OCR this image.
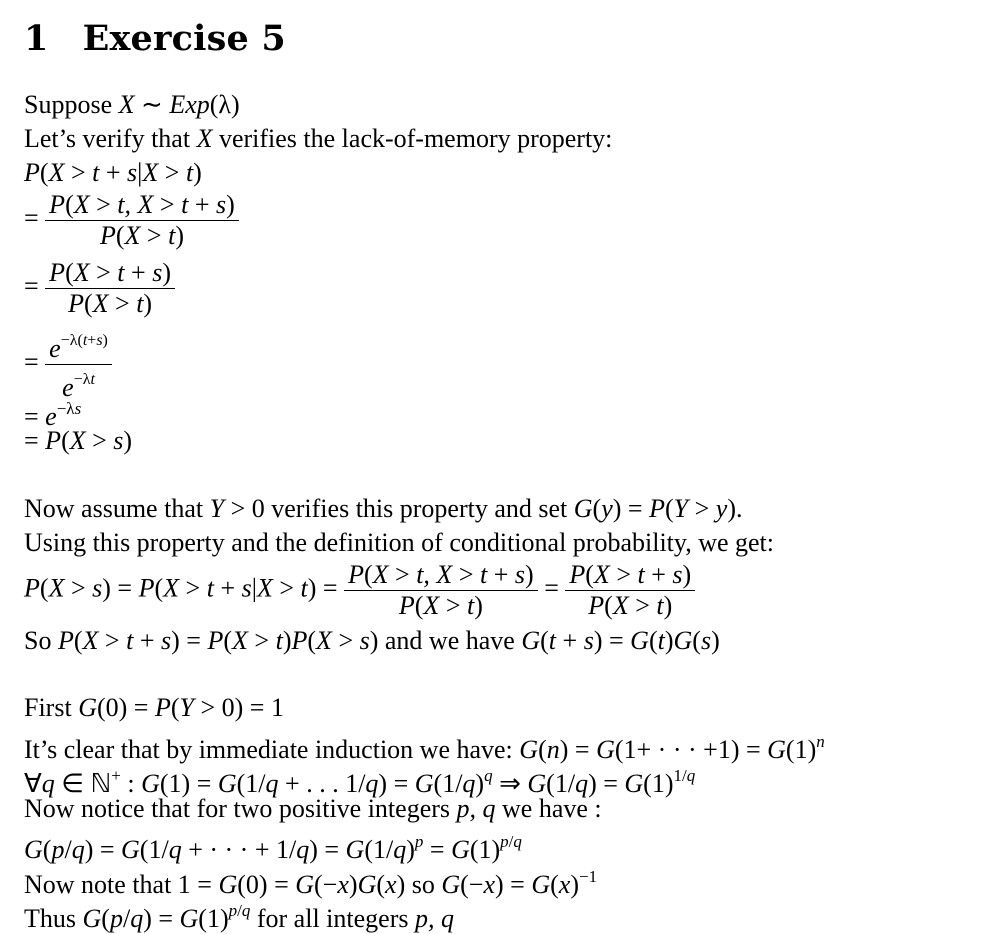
1 Exercise 5
Suppose X ∼ Exp(λ)
Let’s verify that X verifies the lack-of-memory property:
P(X > t + s|X > t)
= $\frac{P(X > t, X > t + s)}{P(X > t)}$
= $\frac{P(X > t + s)}{P(X > t)}$
= $\frac{e^{-\lambda(t+s)}}{e^{-\lambda t}}$
= $e^{-\lambda s}$
= P(X > s)
Now assume that Y > 0 verifies this property and set G(y) = P(Y > y).
Using this property and the definition of conditional probability, we get:
$P(X > s) = P(X > t + s|X > t) = \frac{P(X > t, X > t + s)}{P(X > t)} = \frac{P(X > t + s)}{P(X > t)}$
So P(X > t + s) = P(X > t)P(X > s) and we have G(t + s) = G(t)G(s)
First G(0) = P(Y > 0) = 1
It’s clear that by immediate induction we have: G(n) = G(1+ · · · $+1) = G(1)^n$
∀q ∈ ℕ+ : G(1) = G(1/q + . . . $1/q) = G(1/q)^q$ ⇒ $G(1/q) = G(1)^{1/q}$
Now notice that for two positive integers p, q we have :
G(p/q) = G(1/q + · · · + $1/q) = G(1/q)^p = G(1)^{p/q}$
Now note that 1 = G(0) = G(−x)G(x) so $G(-x) = G(x)^{-1}$
Thus $G(p/q) = G(1)^{p/q}$ for all integers p, q
